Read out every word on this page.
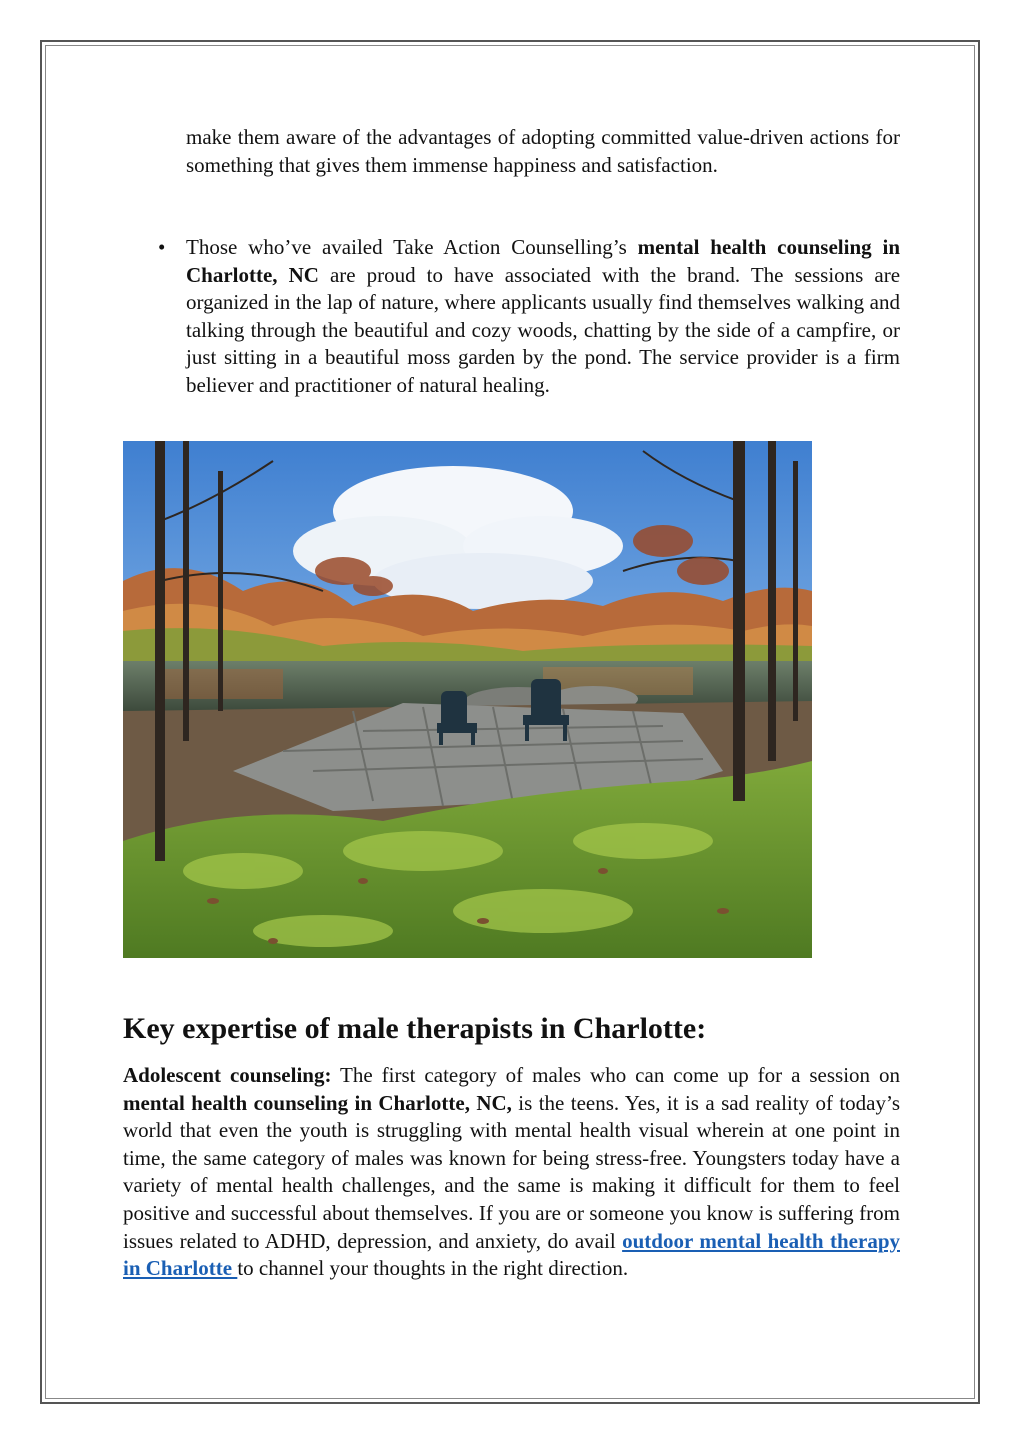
make them aware of the advantages of adopting committed value-driven actions for something that gives them immense happiness and satisfaction.
• Those who’ve availed Take Action Counselling’s mental health counseling in Charlotte, NC are proud to have associated with the brand. The sessions are organized in the lap of nature, where applicants usually find themselves walking and talking through the beautiful and cozy woods, chatting by the side of a campfire, or just sitting in a beautiful moss garden by the pond. The service provider is a firm believer and practitioner of natural healing.
Key expertise of male therapists in Charlotte:
Adolescent counseling: The first category of males who can come up for a session on mental health counseling in Charlotte, NC, is the teens. Yes, it is a sad reality of today’s world that even the youth is struggling with mental health visual wherein at one point in time, the same category of males was known for being stress-free. Youngsters today have a variety of mental health challenges, and the same is making it difficult for them to feel positive and successful about themselves. If you are or someone you know is suffering from issues related to ADHD, depression, and anxiety, do avail outdoor mental health therapy in Charlotte to channel your thoughts in the right direction.
